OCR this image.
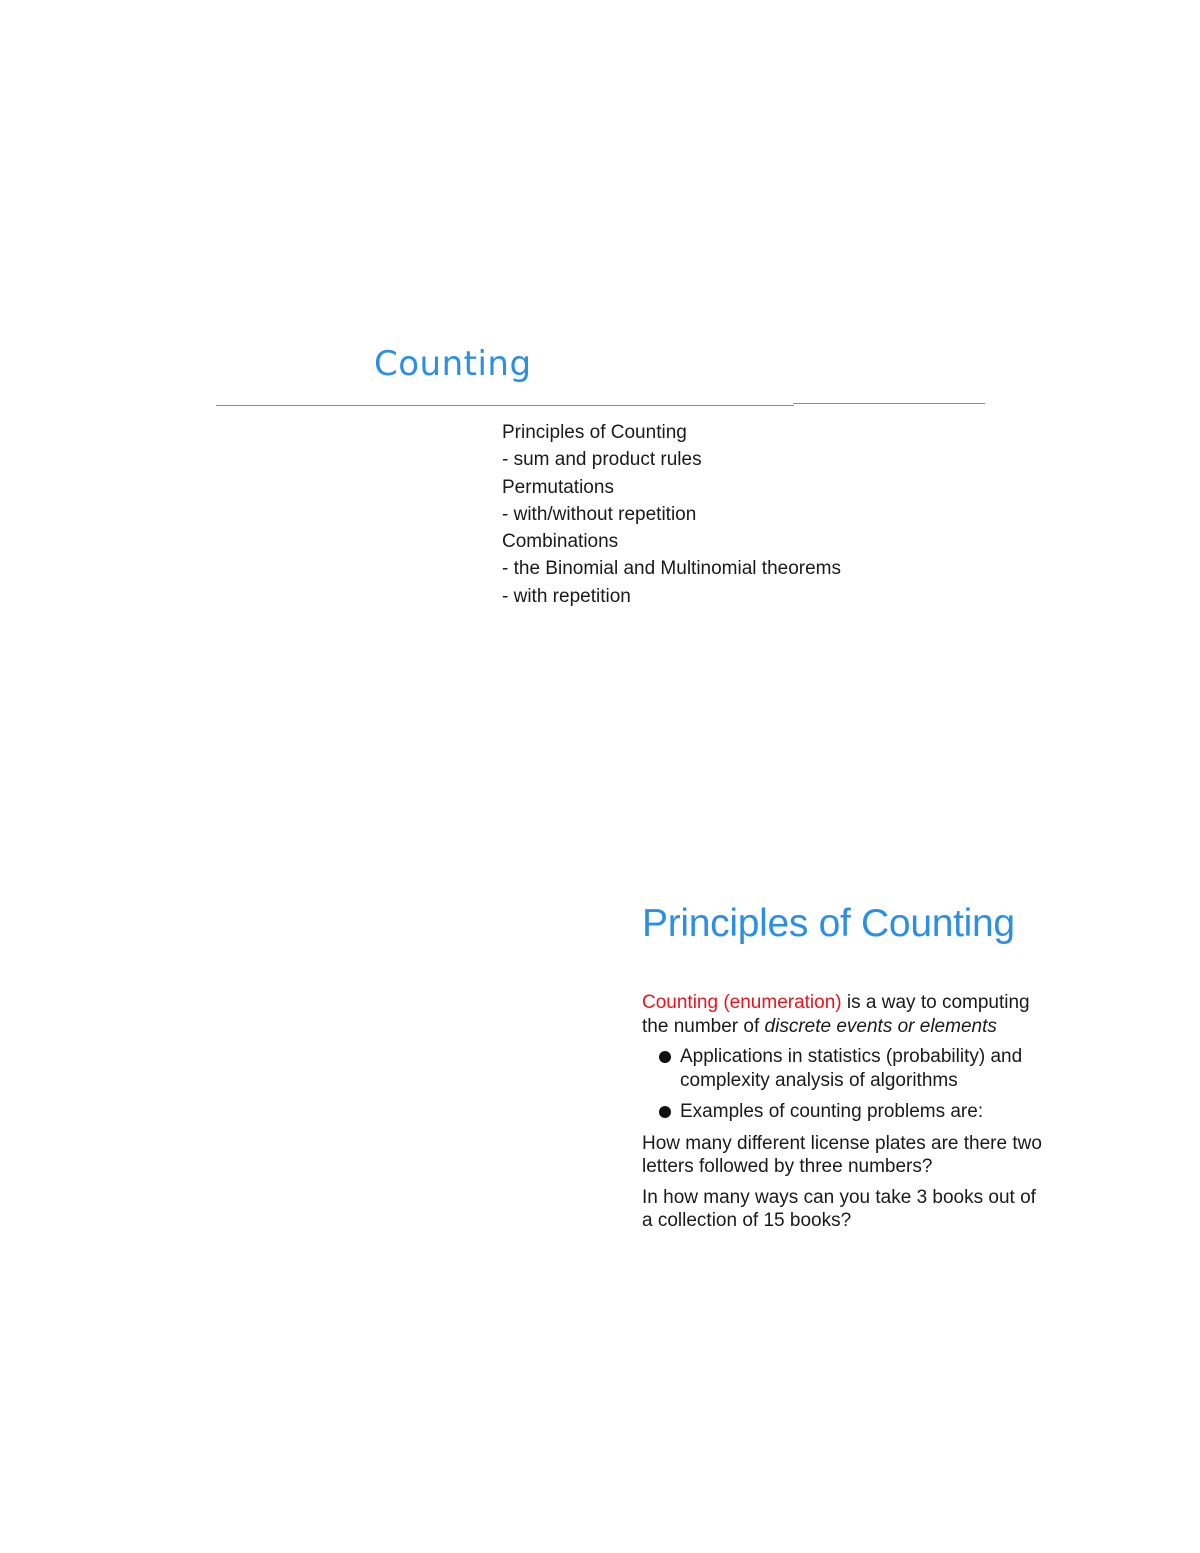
Counting
Principles of Counting
- sum and product rules
Permutations
- with/without repetition
Combinations
- the Binomial and Multinomial theorems
- with repetition
Principles of Counting

Counting (enumeration) is a way to computing the number of discrete events or elements

Applications in statistics (probability) and complexity analysis of algorithms
Examples of counting problems are:

How many different license plates are there two letters followed by three numbers?

In how many ways can you take 3 books out of a collection of 15 books?
